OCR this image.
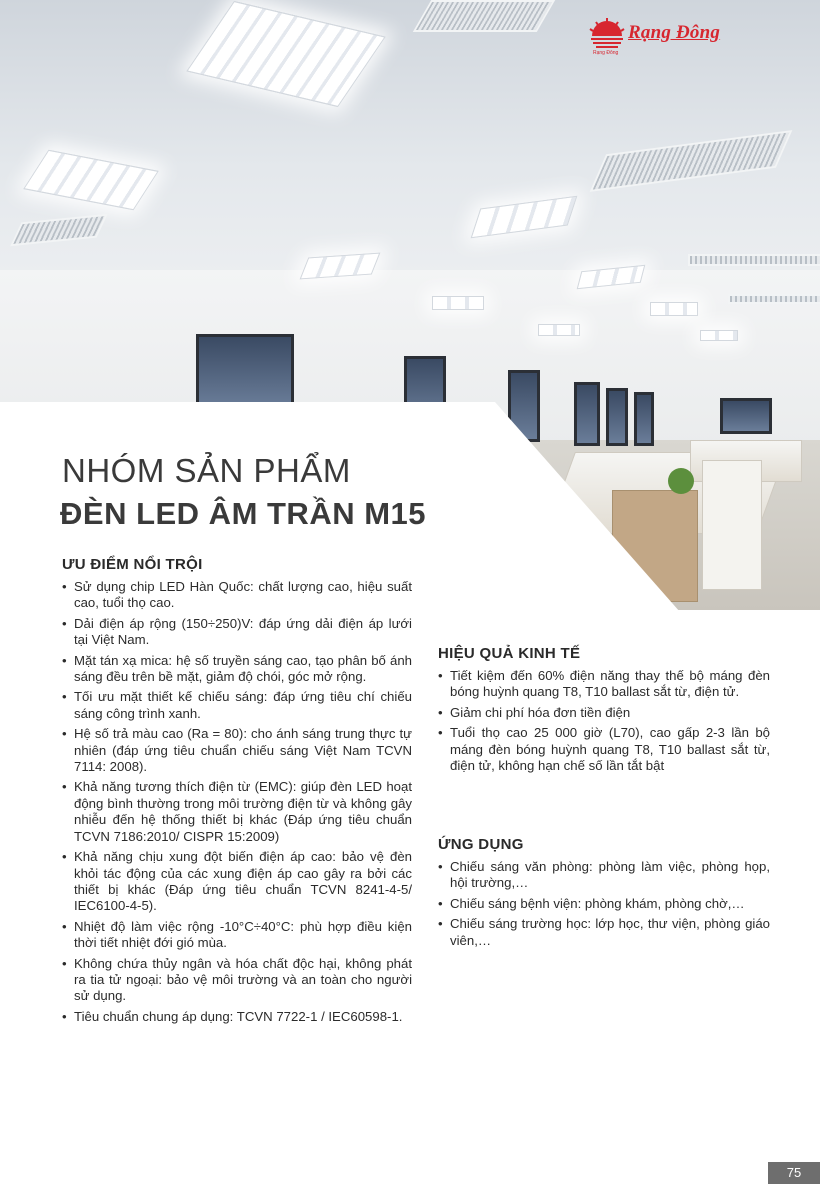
Rạng Đông
Rạng Đông
NHÓM SẢN PHẨM
ĐÈN LED ÂM TRẦN M15
ƯU ĐIỂM NỔI TRỘI
• Sử dụng chip LED Hàn Quốc: chất lượng cao, hiệu suất cao, tuổi thọ cao.
• Dải điện áp rộng (150÷250)V: đáp ứng dải điện áp lưới tại Việt Nam.
• Mặt tán xạ mica: hệ số truyền sáng cao, tạo phân bố ánh sáng đều trên bề mặt, giảm độ chói, góc mở rộng.
• Tối ưu mặt thiết kế chiếu sáng: đáp ứng tiêu chí chiếu sáng công trình xanh.
• Hệ số trả màu cao (Ra = 80): cho ánh sáng trung thực tự nhiên (đáp ứng tiêu chuẩn chiếu sáng Việt Nam TCVN 7114: 2008).
• Khả năng tương thích điện từ (EMC): giúp đèn LED hoạt động bình thường trong môi trường điện từ và không gây nhiễu đến hệ thống thiết bị khác (Đáp ứng tiêu chuẩn TCVN 7186:2010/ CISPR 15:2009)
• Khả năng chịu xung đột biến điện áp cao: bảo vệ đèn khỏi tác động của các xung điện áp cao gây ra bởi các thiết bị khác (Đáp ứng tiêu chuẩn TCVN 8241-4-5/ IEC6100-4-5).
• Nhiệt độ làm việc rộng -10°C÷40°C: phù hợp điều kiện thời tiết nhiệt đới gió mùa.
• Không chứa thủy ngân và hóa chất độc hại, không phát ra tia tử ngoại: bảo vệ môi trường và an toàn cho người sử dụng.
• Tiêu chuẩn chung áp dụng: TCVN 7722-1 / IEC60598-1.
HIỆU QUẢ KINH TẾ
• Tiết kiệm đến 60% điện năng thay thế bộ máng đèn bóng huỳnh quang T8, T10 ballast sắt từ, điện tử.
• Giảm chi phí hóa đơn tiền điện
• Tuổi thọ cao 25 000 giờ (L70), cao gấp 2-3 lần bộ máng đèn bóng huỳnh quang T8, T10 ballast sắt từ, điện tử, không hạn chế số lần tắt bật
ỨNG DỤNG
• Chiếu sáng văn phòng: phòng làm việc, phòng họp, hội trường,…
• Chiếu sáng bệnh viện: phòng khám, phòng chờ,…
• Chiếu sáng trường học: lớp học, thư viện, phòng giáo viên,…
75
